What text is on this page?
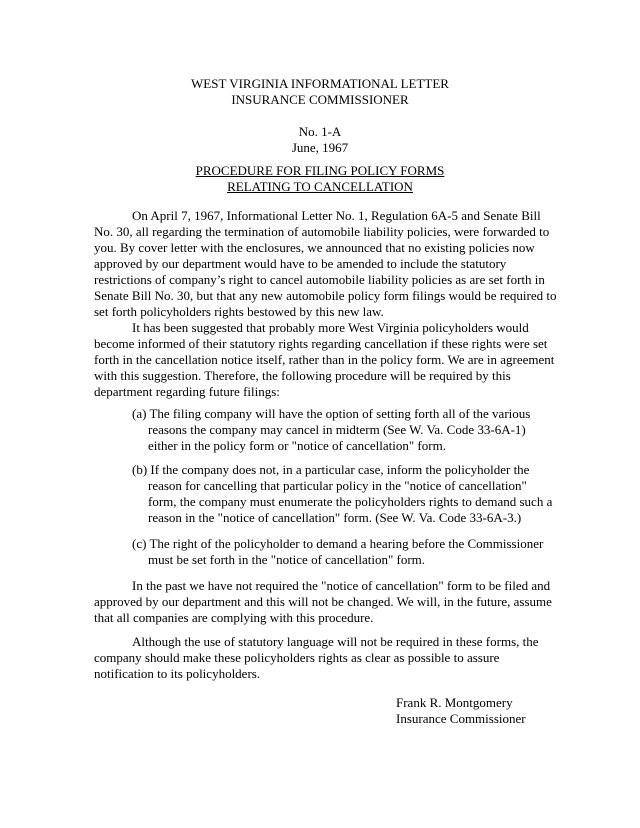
WEST VIRGINIA INFORMATIONAL LETTER
INSURANCE COMMISSIONER
No. 1-A
June, 1967
PROCEDURE FOR FILING POLICY FORMS
RELATING TO CANCELLATION
On April 7, 1967, Informational Letter No. 1, Regulation 6A-5 and Senate Bill
No. 30, all regarding the termination of automobile liability policies, were forwarded to
you. By cover letter with the enclosures, we announced that no existing policies now
approved by our department would have to be amended to include the statutory
restrictions of company’s right to cancel automobile liability policies as are set forth in
Senate Bill No. 30, but that any new automobile policy form filings would be required to
set forth policyholders rights bestowed by this new law.
It has been suggested that probably more West Virginia policyholders would
become informed of their statutory rights regarding cancellation if these rights were set
forth in the cancellation notice itself, rather than in the policy form. We are in agreement
with this suggestion. Therefore, the following procedure will be required by this
department regarding future filings:
(a) The filing company will have the option of setting forth all of the various
reasons the company may cancel in midterm (See W. Va. Code 33-6A-1)
either in the policy form or "notice of cancellation" form.
(b) If the company does not, in a particular case, inform the policyholder the
reason for cancelling that particular policy in the "notice of cancellation"
form, the company must enumerate the policyholders rights to demand such a
reason in the "notice of cancellation" form. (See W. Va. Code 33-6A-3.)
(c) The right of the policyholder to demand a hearing before the Commissioner
must be set forth in the "notice of cancellation" form.
In the past we have not required the "notice of cancellation" form to be filed and
approved by our department and this will not be changed. We will, in the future, assume
that all companies are complying with this procedure.
Although the use of statutory language will not be required in these forms, the
company should make these policyholders rights as clear as possible to assure
notification to its policyholders.
Frank R. Montgomery
Insurance Commissioner
